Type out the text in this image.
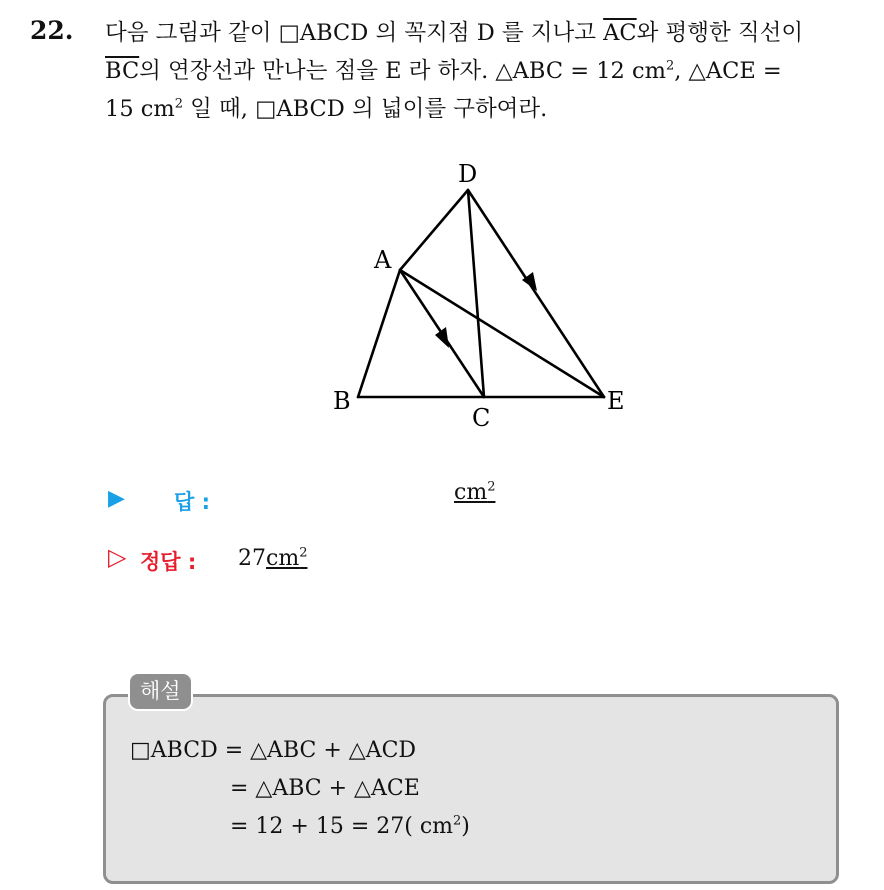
22. 다음 그림과 같이 □ABCD 의 꼭지점 D 를 지나고 $\overline{AC}$와 평행한 직선이
$\overline{BC}$의 연장선과 만나는 점을 E 라 하자. △ABC = 12 $cm^2$, △ACE =
15 $cm^2$ 일 때, □ABCD 의 넓이를 구하여라.
D
A
B
C
E
▶ 답 :	$cm^2$
▷ 정답 : $27cm^2$
해설
□ABCD = △ABC + △ACD
= △ABC + △ACE
= 12 + 15 = 27( $cm^2$)
